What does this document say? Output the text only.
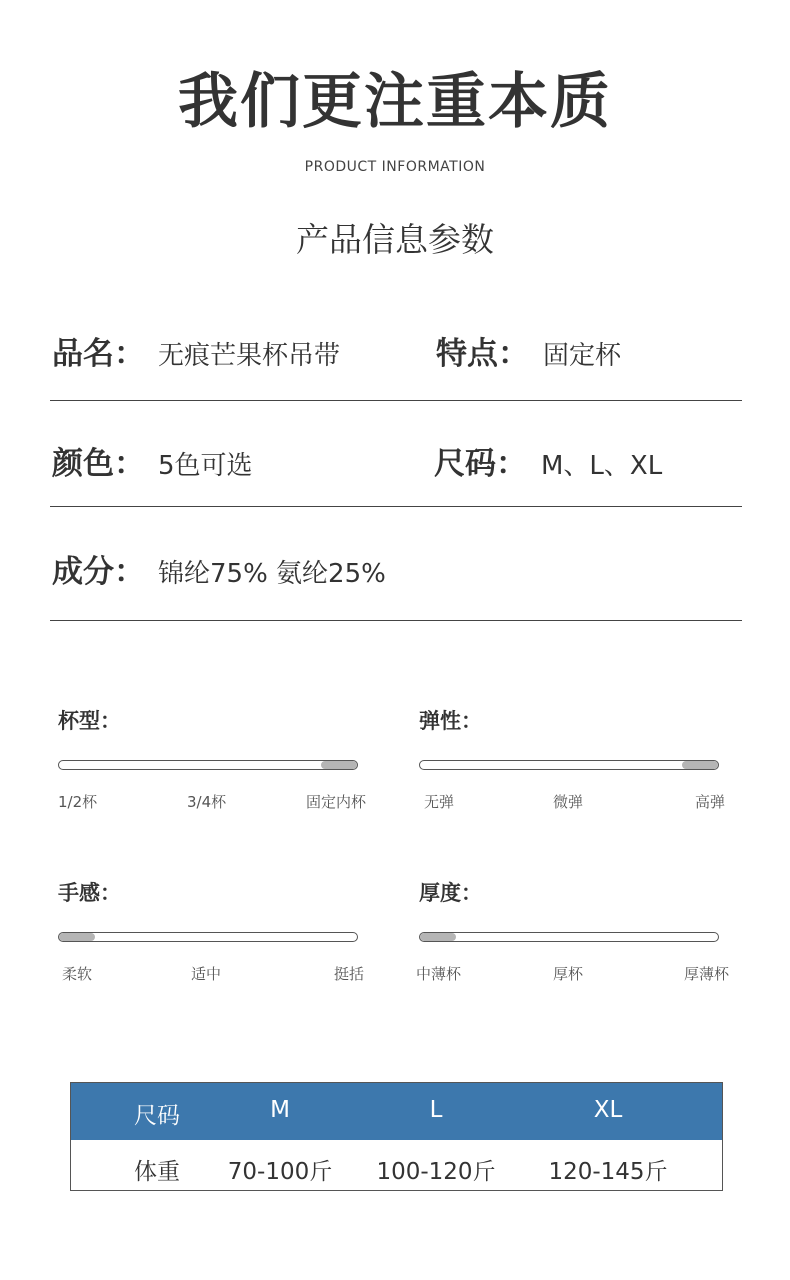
我们更注重本质
PRODUCT INFORMATION
产品信息参数
品名： 无痕芒果杯吊带	特点： 固定杯
颜色： 5色可选	尺码： M、L、XL
成分： 锦纶75% 氨纶25%
杯型：
1/2杯	3/4杯	固定内杯
弹性：
无弹	微弹	高弹
手感：
柔软	适中	挺括
厚度：
中薄杯	厚杯	厚薄杯
尺码	M	L	XL
体重	70-100斤	100-120斤	120-145斤
